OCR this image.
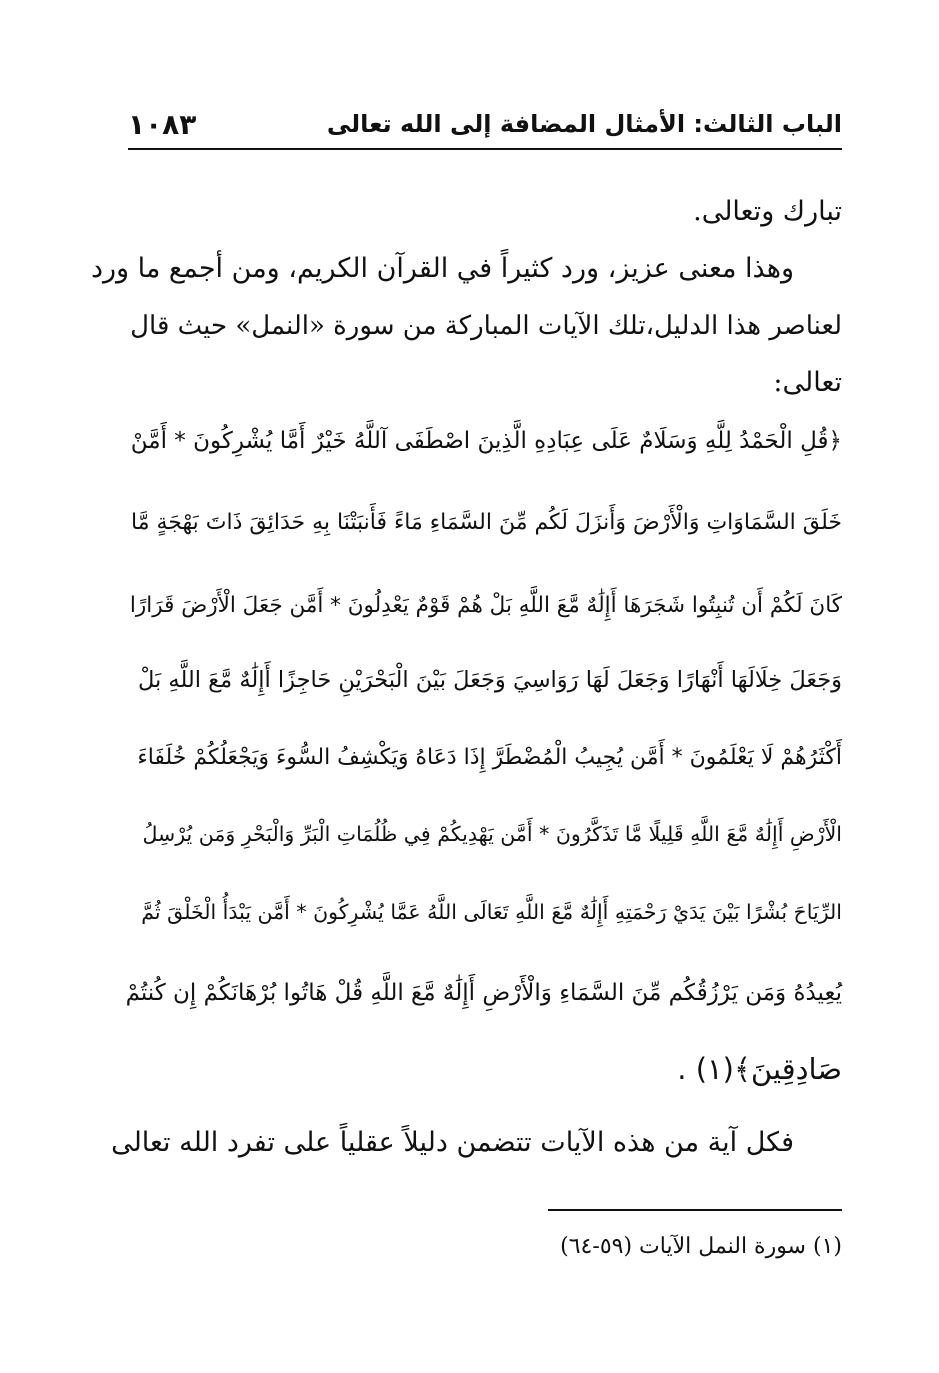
الباب الثالث: الأمثال المضافة إلى الله تعالى
١٠٨٣
تبارك وتعالى.
وهذا معنى عزيز، ورد كثيراً في القرآن الكريم، ومن أجمع ما ورد
لعناصر هذا الدليل،تلك الآيات المباركة من سورة «النمل» حيث قال
تعالى:
﴿قُلِ الْحَمْدُ لِلَّهِ وَسَلَامٌ عَلَى عِبَادِهِ الَّذِينَ اصْطَفَى آللَّهُ خَيْرٌ أَمَّا يُشْرِكُونَ * أَمَّنْ
خَلَقَ السَّمَاوَاتِ وَالْأَرْضَ وَأَنزَلَ لَكُم مِّنَ السَّمَاءِ مَاءً فَأَنبَتْنَا بِهِ حَدَائِقَ ذَاتَ بَهْجَةٍ مَّا
كَانَ لَكُمْ أَن تُنبِتُوا شَجَرَهَا أَإِلَٰهٌ مَّعَ اللَّهِ بَلْ هُمْ قَوْمٌ يَعْدِلُونَ * أَمَّن جَعَلَ الْأَرْضَ قَرَارًا
وَجَعَلَ خِلَالَهَا أَنْهَارًا وَجَعَلَ لَهَا رَوَاسِيَ وَجَعَلَ بَيْنَ الْبَحْرَيْنِ حَاجِزًا أَإِلَٰهٌ مَّعَ اللَّهِ بَلْ
أَكْثَرُهُمْ لَا يَعْلَمُونَ * أَمَّن يُجِيبُ الْمُضْطَرَّ إِذَا دَعَاهُ وَيَكْشِفُ السُّوءَ وَيَجْعَلُكُمْ خُلَفَاءَ
الْأَرْضِ أَإِلَٰهٌ مَّعَ اللَّهِ قَلِيلًا مَّا تَذَكَّرُونَ * أَمَّن يَهْدِيكُمْ فِي ظُلُمَاتِ الْبَرِّ وَالْبَحْرِ وَمَن يُرْسِلُ
الرِّيَاحَ بُشْرًا بَيْنَ يَدَيْ رَحْمَتِهِ أَإِلَٰهٌ مَّعَ اللَّهِ تَعَالَى اللَّهُ عَمَّا يُشْرِكُونَ * أَمَّن يَبْدَأُ الْخَلْقَ ثُمَّ
يُعِيدُهُ وَمَن يَرْزُقُكُم مِّنَ السَّمَاءِ وَالْأَرْضِ أَإِلَٰهٌ مَّعَ اللَّهِ قُلْ هَاتُوا بُرْهَانَكُمْ إِن كُنتُمْ
صَادِقِينَ﴾(١) .
فكل آية من هذه الآيات تتضمن دليلاً عقلياً على تفرد الله تعالى
(١) سورة النمل الآيات (٥٩-٦٤)
